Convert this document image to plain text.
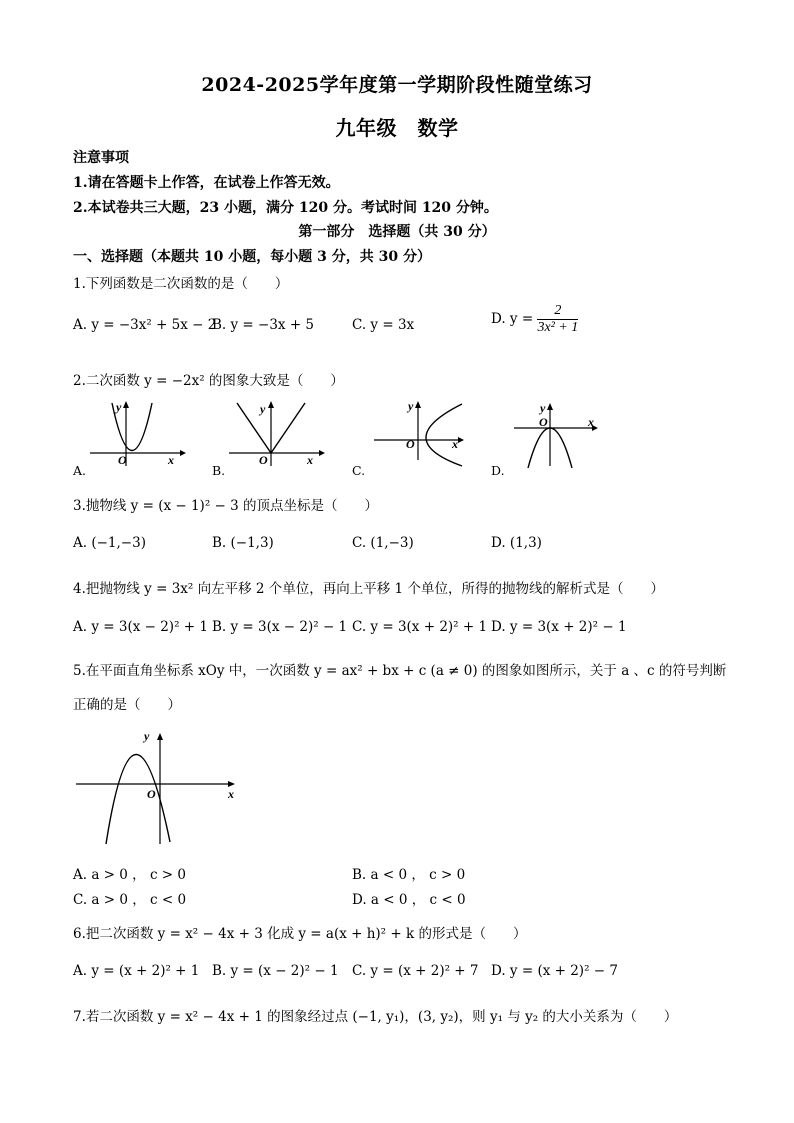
2024-2025学年度第一学期阶段性随堂练习
九年级　数学
注意事项
1.请在答题卡上作答，在试卷上作答无效。
2.本试卷共三大题，23 小题，满分 120 分。考试时间 120 分钟。
第一部分　选择题（共 30 分）
一、选择题（本题共 10 小题，每小题 3 分，共 30 分）
1.下列函数是二次函数的是（　　）
A. y = −3x² + 5x − 2
B. y = −3x + 5	C. y = 3x	D. $y = \frac{2}{\text{3x² + 1}}$
2.二次函数 y = −2x² 的图象大致是（　　）
y
x
O
A.
y
x
O
B.
y
x
O
C.
y
x
O
D.
3.抛物线 y = (x − 1)² − 3 的顶点坐标是（　　）
A. (−1,−3)	B. (−1,3)	C. (1,−3)	D. (1,3)
4.把抛物线 y = 3x² 向左平移 2 个单位，再向上平移 1 个单位，所得的抛物线的解析式是（　　）
A. y = 3(x − 2)² + 1 B. y = 3(x − 2)² − 1 C. y = 3(x + 2)² + 1 D. y = 3(x + 2)² − 1
5.在平面直角坐标系 xOy 中，一次函数 y = ax² + bx + c (a ≠ 0) 的图象如图所示，关于 a 、c 的符号判断
正确的是（　　）
y
x
O
A. a > 0 ， c > 0	B. a < 0 ， c > 0
C. a > 0 ， c < 0	D. a < 0 ， c < 0
6.把二次函数 y = x² − 4x + 3 化成 y = a(x + h)² + k 的形式是（　　）
A. y = (x + 2)² + 1 B. y = (x − 2)² − 1 C. y = (x + 2)² + 7 D. y = (x + 2)² − 7
7.若二次函数 y = x² − 4x + 1 的图象经过点 (−1, y₁)，(3, y₂)，则 y₁ 与 y₂ 的大小关系为（　　）
